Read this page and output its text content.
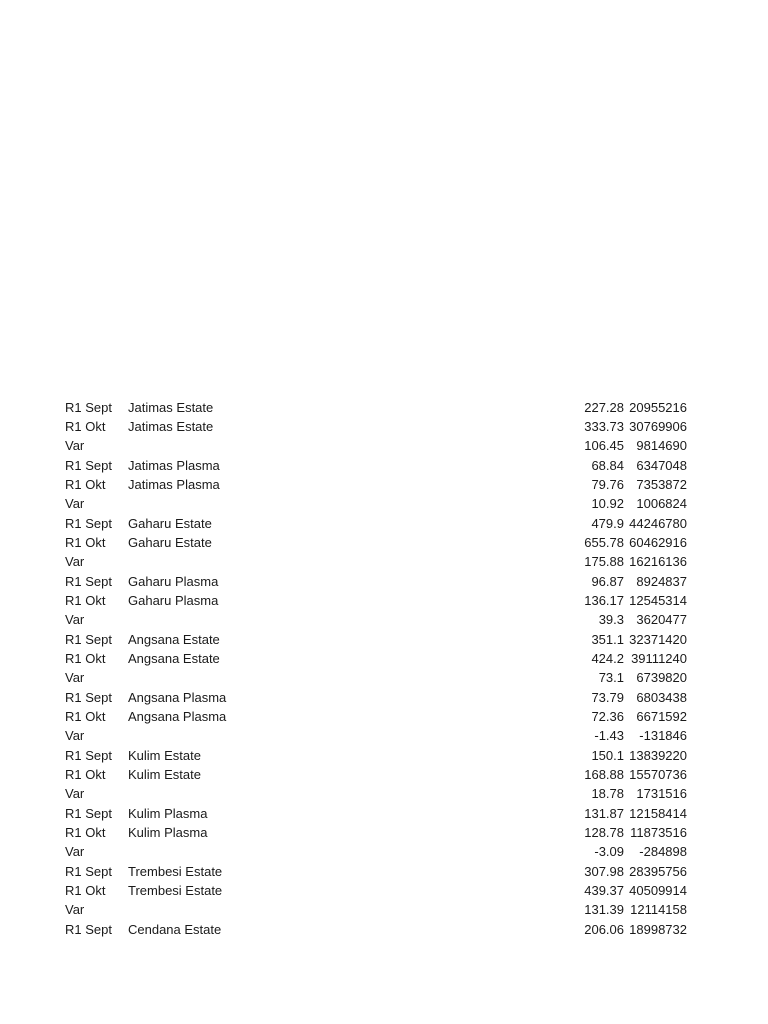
R1 Sept Jatimas Estate	227.28 20955216
R1 Okt Jatimas Estate	333.73 30769906
Var	106.45 9814690
R1 Sept Jatimas Plasma	68.84 6347048
R1 Okt Jatimas Plasma	79.76 7353872
Var	10.92 1006824
R1 Sept Gaharu Estate	479.9 44246780
R1 Okt Gaharu Estate	655.78 60462916
Var	175.88 16216136
R1 Sept Gaharu Plasma	96.87 8924837
R1 Okt Gaharu Plasma	136.17 12545314
Var	39.3 3620477
R1 Sept Angsana Estate	351.1 32371420
R1 Okt Angsana Estate	424.2 39111240
Var	73.1 6739820
R1 Sept Angsana Plasma	73.79 6803438
R1 Okt Angsana Plasma	72.36 6671592
Var	-1.43 -131846
R1 Sept Kulim Estate	150.1 13839220
R1 Okt Kulim Estate	168.88 15570736
Var	18.78 1731516
R1 Sept Kulim Plasma	131.87 12158414
R1 Okt Kulim Plasma	128.78 11873516
Var	-3.09 -284898
R1 Sept Trembesi Estate	307.98 28395756
R1 Okt Trembesi Estate	439.37 40509914
Var	131.39 12114158
R1 Sept Cendana Estate	206.06 18998732
